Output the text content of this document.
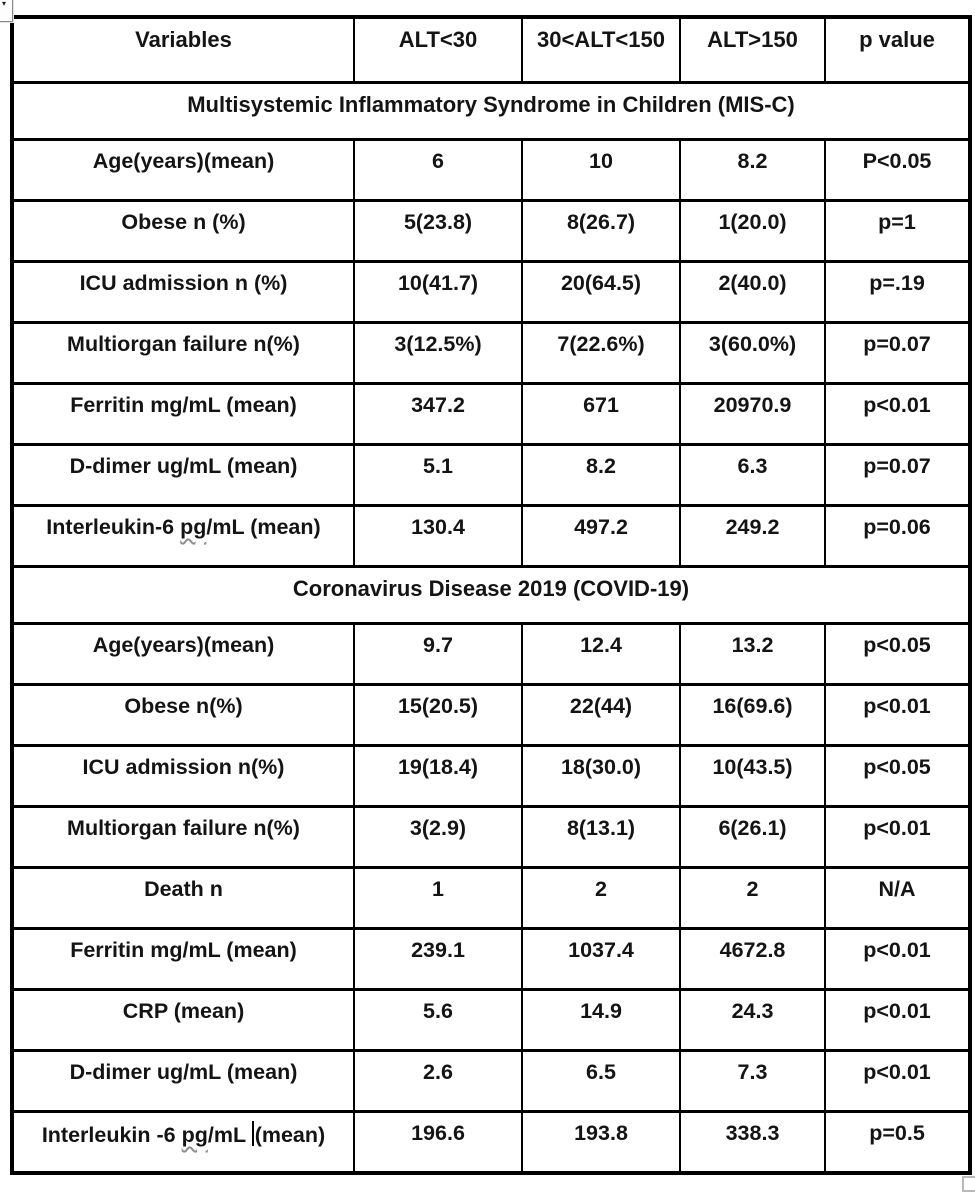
▾
Variables	ALT<30	30<ALT<150	ALT>150	p value
Multisystemic Inflammatory Syndrome in Children (MIS-C)				
Age(years)(mean)	6	10	8.2	P<0.05
Obese n (%)	5(23.8)	8(26.7)	1(20.0)	p=1
ICU admission n (%)	10(41.7)	20(64.5)	2(40.0)	p=.19
Multiorgan failure n(%)	3(12.5%)	7(22.6%)	3(60.0%)	p=0.07
Ferritin mg/mL (mean)	347.2	671	20970.9	p<0.01
D-dimer ug/mL (mean)	5.1	8.2	6.3	p=0.07
Interleukin-6 pg/mL (mean)	130.4	497.2	249.2	p=0.06
Coronavirus Disease 2019 (COVID-19)				
Age(years)(mean)	9.7	12.4	13.2	p<0.05
Obese n(%)	15(20.5)	22(44)	16(69.6)	p<0.01
ICU admission n(%)	19(18.4)	18(30.0)	10(43.5)	p<0.05
Multiorgan failure n(%)	3(2.9)	8(13.1)	6(26.1)	p<0.01
Death n	1	2	2	N/A
Ferritin mg/mL (mean)	239.1	1037.4	4672.8	p<0.01
CRP (mean)	5.6	14.9	24.3	p<0.01
D-dimer ug/mL (mean)	2.6	6.5	7.3	p<0.01
Interleukin -6 pg/mL (mean)	196.6	193.8	338.3	p=0.5
